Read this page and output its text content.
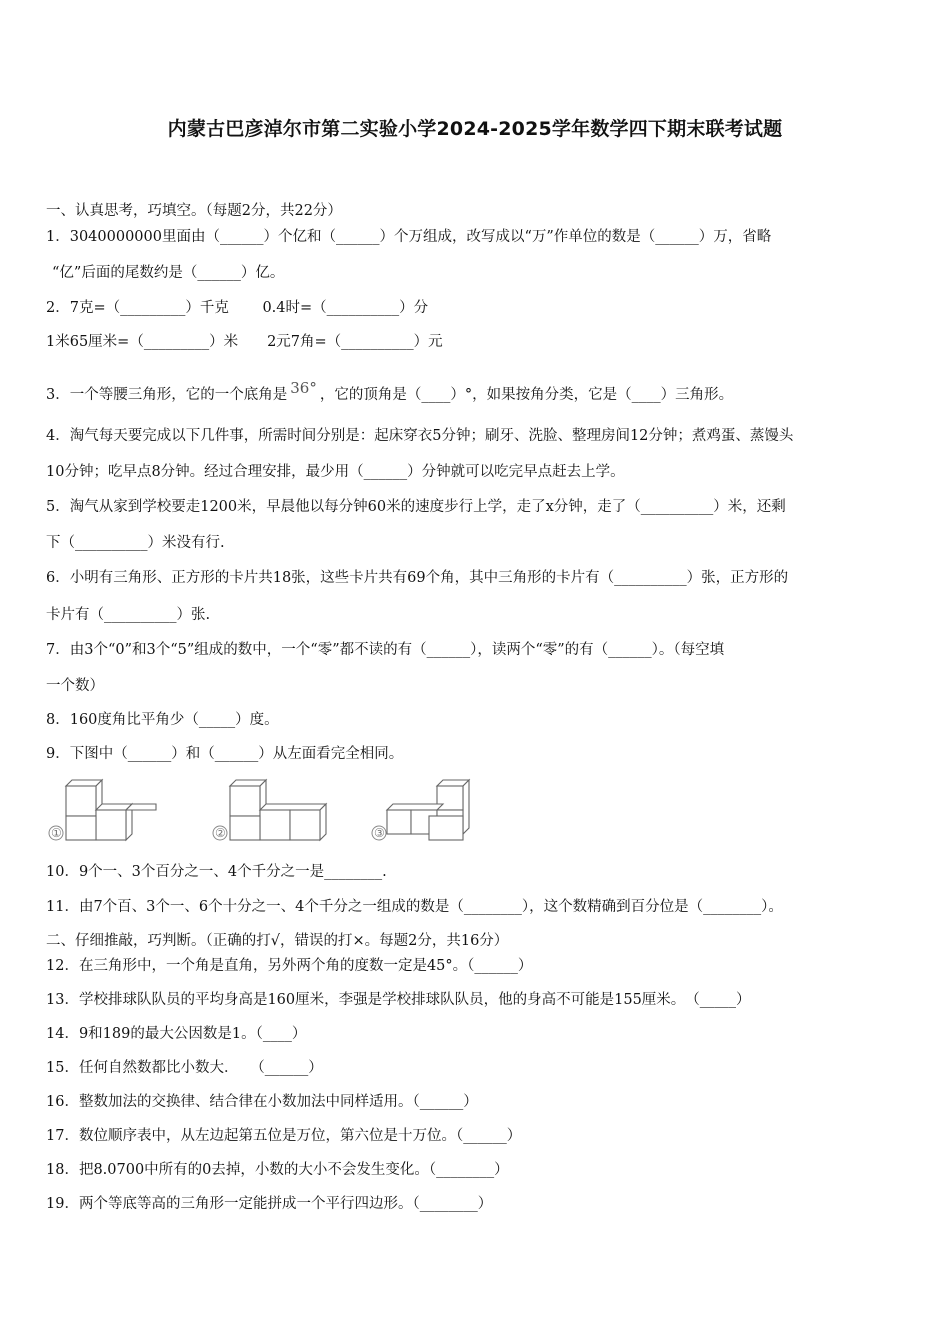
内蒙古巴彦淖尔市第二实验小学2024-2025学年数学四下期末联考试题
一、认真思考，巧填空。（每题2分，共22分）
1．3040000000里面由（______）个亿和（______）个万组成，改写成以“万”作单位的数是（______）万，省略
“亿”后面的尾数约是（______）亿。
2．7克=（_________）千克　　 0.4时=（__________）分
1米65厘米=（_________）米　　2元7角=（__________）元
3．一个等腰三角形，它的一个底角是 36° ，它的顶角是（____）°，如果按角分类，它是（____）三角形。
4．淘气每天要完成以下几件事，所需时间分别是：起床穿衣5分钟；刷牙、洗脸、整理房间12分钟；煮鸡蛋、蒸馒头
10分钟；吃早点8分钟。经过合理安排，最少用（______）分钟就可以吃完早点赶去上学。
5．淘气从家到学校要走1200米，早晨他以每分钟60米的速度步行上学，走了x分钟，走了（__________）米，还剩
下（__________）米没有行.
6．小明有三角形、正方形的卡片共18张，这些卡片共有69个角，其中三角形的卡片有（__________）张，正方形的
卡片有（__________）张.
7．由3个“0”和3个“5”组成的数中，一个“零”都不读的有（______），读两个“零”的有（______）。（每空填
一个数）
8．160度角比平角少（_____）度。
9．下图中（______）和（______）从左面看完全相同。
①	②	③
10．9个一、3个百分之一、4个千分之一是________.
11．由7个百、3个一、6个十分之一、4个千分之一组成的数是（________），这个数精确到百分位是（________）。
二、仔细推敲，巧判断。（正确的打√，错误的打×。每题2分，共16分）
12．在三角形中，一个角是直角，另外两个角的度数一定是45°。（______）
13．学校排球队队员的平均身高是160厘米，李强是学校排球队队员，他的身高不可能是155厘米。　（_____）
14．9和189的最大公因数是1。（____）
15．任何自然数都比小数大．　 （______）
16．整数加法的交换律、结合律在小数加法中同样适用。（______）
17．数位顺序表中，从左边起第五位是万位，第六位是十万位。（______）
18．把8.0700中所有的0去掉，小数的大小不会发生变化。（________）
19．两个等底等高的三角形一定能拼成一个平行四边形。（________）
